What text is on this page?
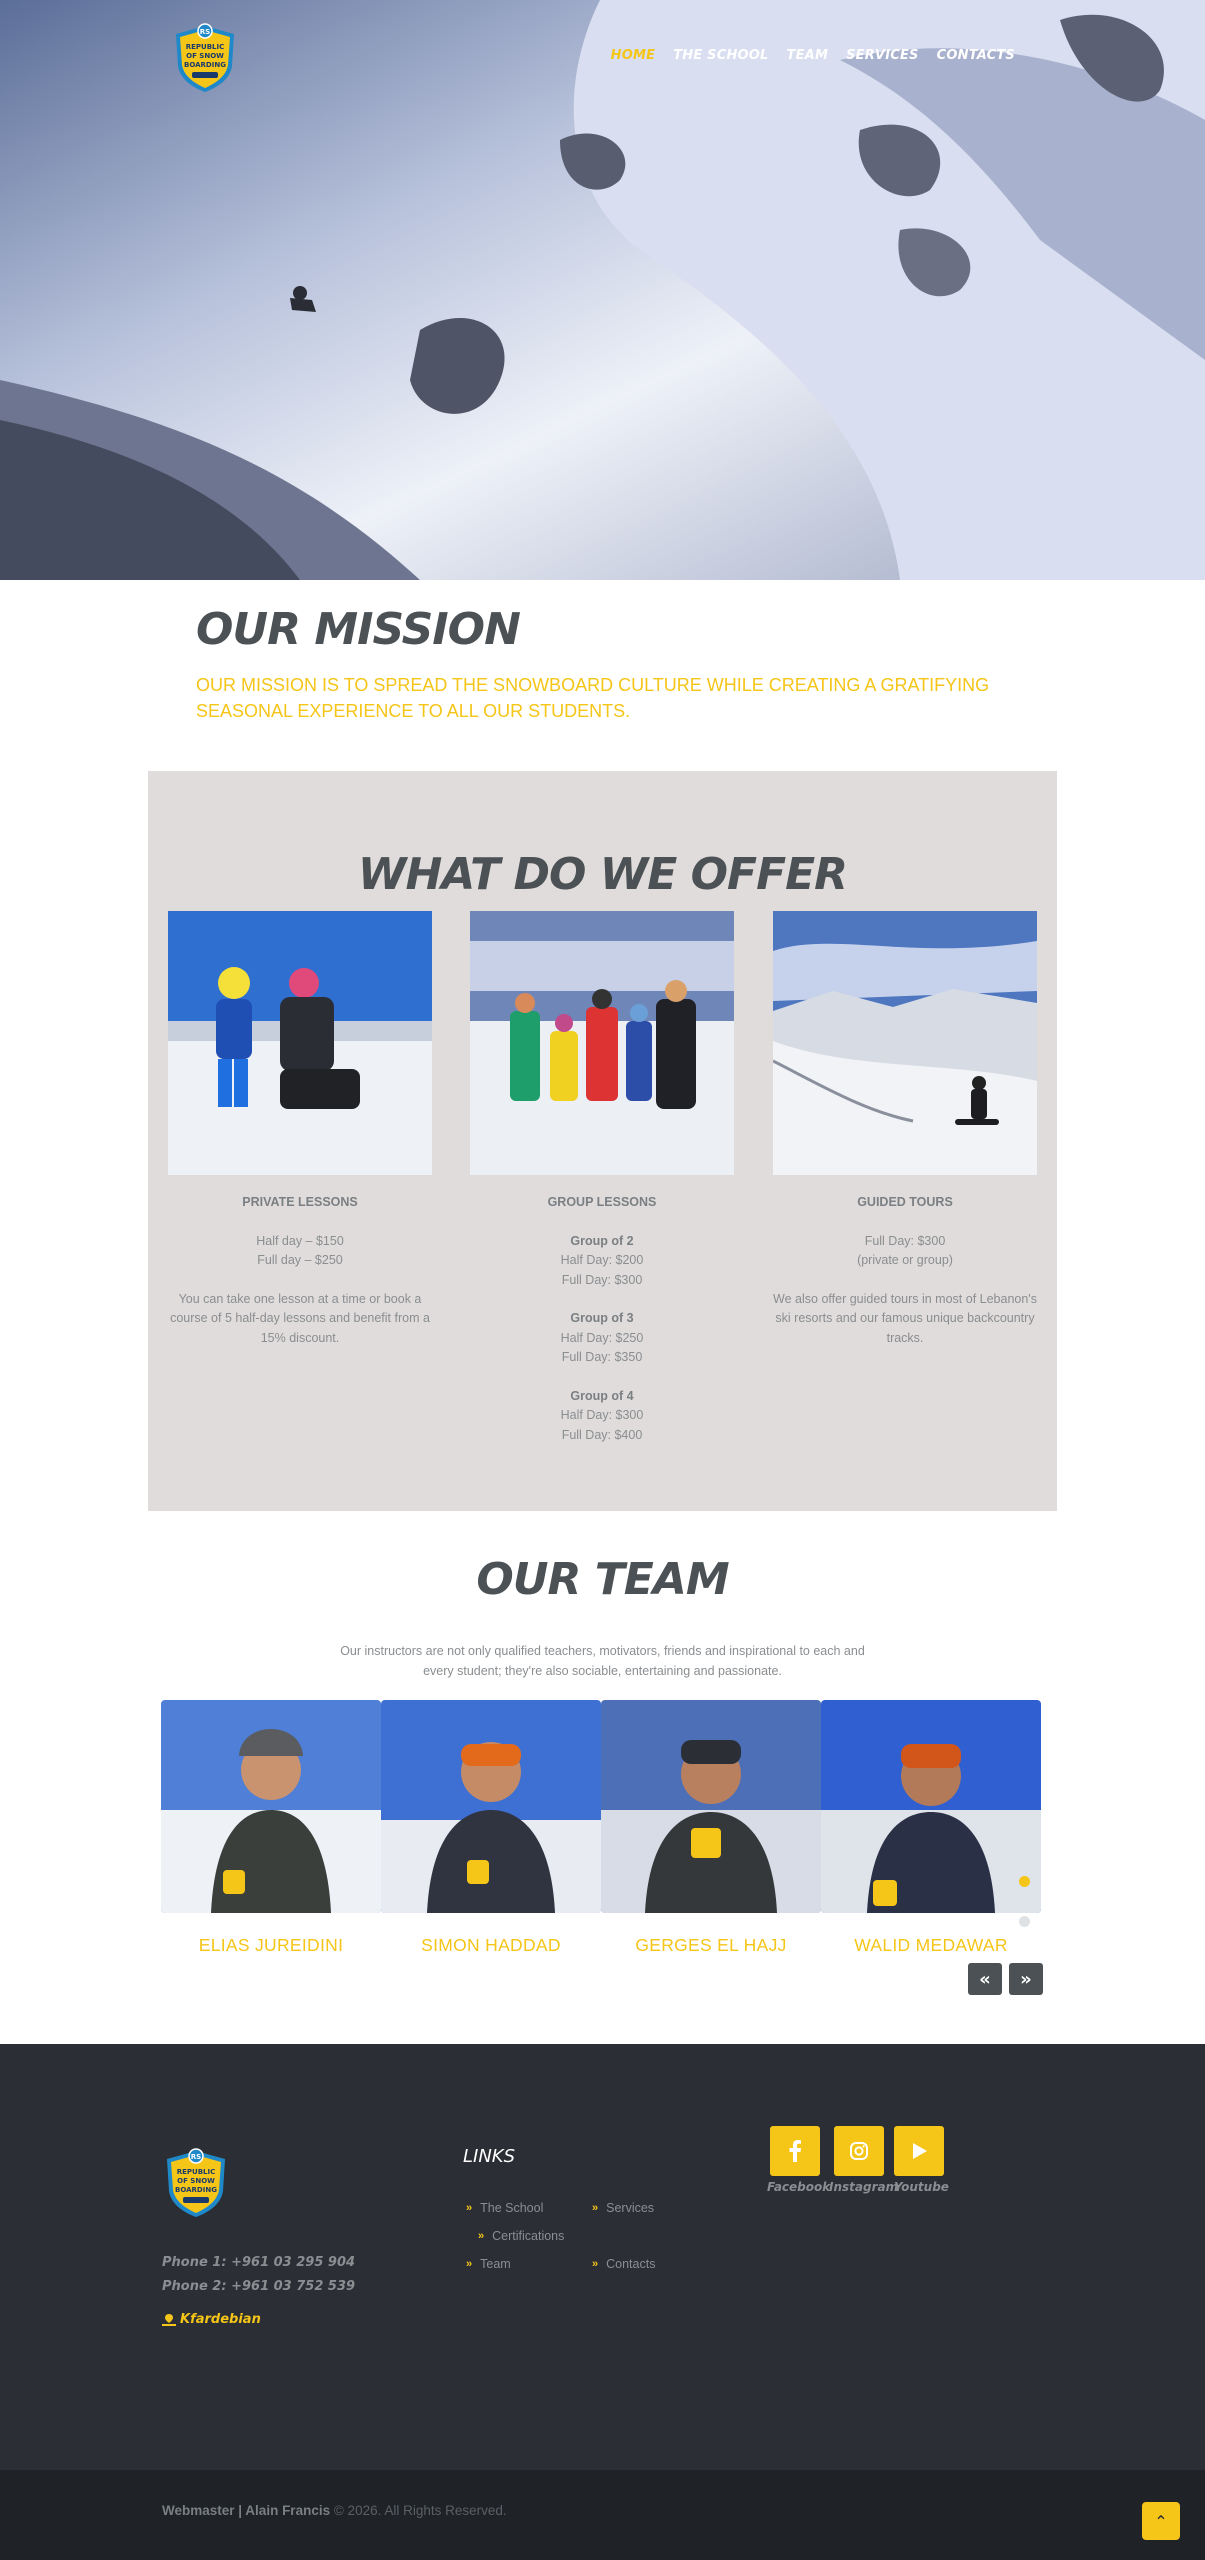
RS
REPUBLIC
OF SNOW
BOARDING
HOME THE SCHOOL TEAM SERVICES CONTACTS
OUR MISSION

OUR MISSION IS TO SPREAD THE SNOWBOARD CULTURE WHILE CREATING A GRATIFYING SEASONAL EXPERIENCE TO ALL OUR STUDENTS.

WHAT DO WE OFFER
PRIVATE LESSONS

Half day – $150
Full day – $250

You can take one lesson at a time or book a course of 5 half-day lessons and benefit from a 15% discount.

GROUP LESSONS

Group of 2
Half Day: $200
Full Day: $300

Group of 3
Half Day: $250
Full Day: $350

Group of 4
Half Day: $300
Full Day: $400

GUIDED TOURS

Full Day: $300
(private or group)

We also offer guided tours in most of Lebanon's ski resorts and our famous unique backcountry tracks.

OUR TEAM

Our instructors are not only qualified teachers, motivators, friends and inspirational to each and every student; they're also sociable, entertaining and passionate.

ELIAS JUREIDINI	SIMON HADDAD	GERGES EL HAJJ	WALID MEDAWAR
« »
RS
REPUBLIC
OF SNOW
BOARDING
Phone 1: +961 03 295 904
Phone 2: +961 03 752 539
Kfardebian
LINKS
» The School	» Services
» Certifications
» Team	» Contacts
Facebook
Instagram
Youtube
Webmaster | Alain Francis © 2026. All Rights Reserved.
⌃
